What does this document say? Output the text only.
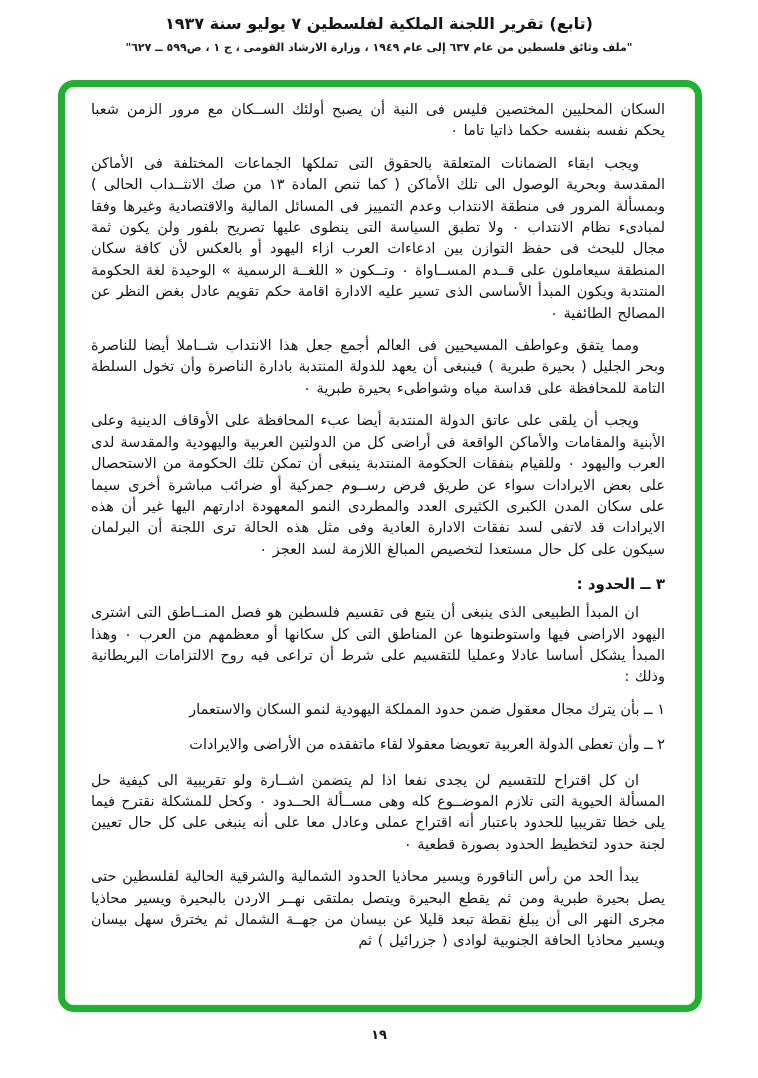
(تابع) تقرير اللجنة الملكية لفلسطين ٧ يوليو سنة ١٩٣٧
"ملف وثائق فلسطين من عام ٦٣٧ إلى عام ١٩٤٩ ، وزارة الارشاد القومى ، ج ١ ، ص٥٩٩ ــ ٦٢٧"

السكان المحليين المختصين فليس فى النية أن يصبح أولئك الســكان مع مرور الزمن شعبا يحكم نفسه بنفسه حكما ذاتيا تاما ٠

ويجب ابقاء الضمانات المتعلقة بالحقوق التى تملكها الجماعات المختلفة فى الأماكن المقدسة وبحرية الوصول الى تلك الأماكن ( كما تنص المادة ١٣ من صك الانتــداب الحالى ) وبمسألة المرور فى منطقة الانتداب وعدم التمييز فى المسائل المالية والاقتصادية وغيرها وفقا لمبادىء نظام الانتداب ٠ ولا تطبق السياسة التى ينطوى عليها تصريح بلفور ولن يكون ثمة مجال للبحث فى حفظ التوازن بين ادعاءات العرب ازاء اليهود أو بالعكس لأن كافة سكان المنطقة سيعاملون على قــدم المســاواة ٠ وتــكون « اللغــة الرسمية » الوحيدة لغة الحكومة المنتدبة ويكون المبدأ الأساسى الذى تسير عليه الادارة اقامة حكم تقويم عادل بغض النظر عن المصالح الطائفية ٠

ومما يتفق وعواطف المسيحيين فى العالم أجمع جعل هذا الانتداب شــاملا أيضا للناصرة وبحر الجليل ( بحيرة طبرية ) فينبغى أن يعهد للدولة المنتدبة بادارة الناصرة وأن تخول السلطة التامة للمحافظة على قداسة مياه وشواطىء بحيرة طبرية ٠

ويجب أن يلقى على عاتق الدولة المنتدبة أيضا عبء المحافظة على الأوقاف الدينية وعلى الأبنية والمقامات والأماكن الواقعة فى أراضى كل من الدولتين العربية واليهودية والمقدسة لدى العرب واليهود ٠ وللقيام بنفقات الحكومة المنتدبة ينبغى أن تمكن تلك الحكومة من الاستحصال على بعض الايرادات سواء عن طريق فرض رســوم جمركية أو ضرائب مباشرة أخرى سيما على سكان المدن الكبرى الكثيرى العدد والمطردى النمو المعهودة ادارتهم اليها غير أن هذه الايرادات قد لاتفى لسد نفقات الادارة العادية وفى مثل هذه الحالة ترى اللجنة أن البرلمان سيكون على كل حال مستعدا لتخصيص المبالغ اللازمة لسد العجز ٠

٣ ــ الحدود :

ان المبدأ الطبيعى الذى ينبغى أن يتبع فى تقسيم فلسطين هو فصل المنــاطق التى اشترى اليهود الاراضى فيها واستوطنوها عن المناطق التى كل سكانها أو معظمهم من العرب ٠ وهذا المبدأ يشكل أساسا عادلا وعمليا للتقسيم على شرط أن تراعى فيه روح الالتزامات البريطانية وذلك :

١ ــ بأن يترك مجال معقول ضمن حدود المملكة اليهودية لنمو السكان والاستعمار

٢ ــ وأن تعطى الدولة العربية تعويضا معقولا لقاء ماتفقده من الأراضى والايرادات

ان كل اقتراح للتقسيم لن يجدى نفعا اذا لم يتضمن اشــارة ولو تقريبية الى كيفية حل المسألة الحيوية التى تلازم الموضــوع كله وهى مســألة الحــدود ٠ وكحل للمشكلة نقترح فيما يلى خطا تقريبيا للحدود باعتبار أنه اقتراح عملى وعادل معا على أنه ينبغى على كل حال تعيين لجنة حدود لتخطيط الحدود بصورة قطعية ٠

يبدأ الحد من رأس الناقورة ويسير محاذيا الحدود الشمالية والشرقية الحالية لفلسطين حتى يصل بحيرة طبرية ومن ثم يقطع البحيرة ويتصل بملتقى نهــر الاردن بالبحيرة ويسير محاذيا مجرى النهر الى أن يبلغ نقطة تبعد قليلا عن بيسان من جهــة الشمال ثم يخترق سهل بيسان ويسير محاذيا الحافة الجنوبية لوادى ( جزرائيل ) ثم

١٩
